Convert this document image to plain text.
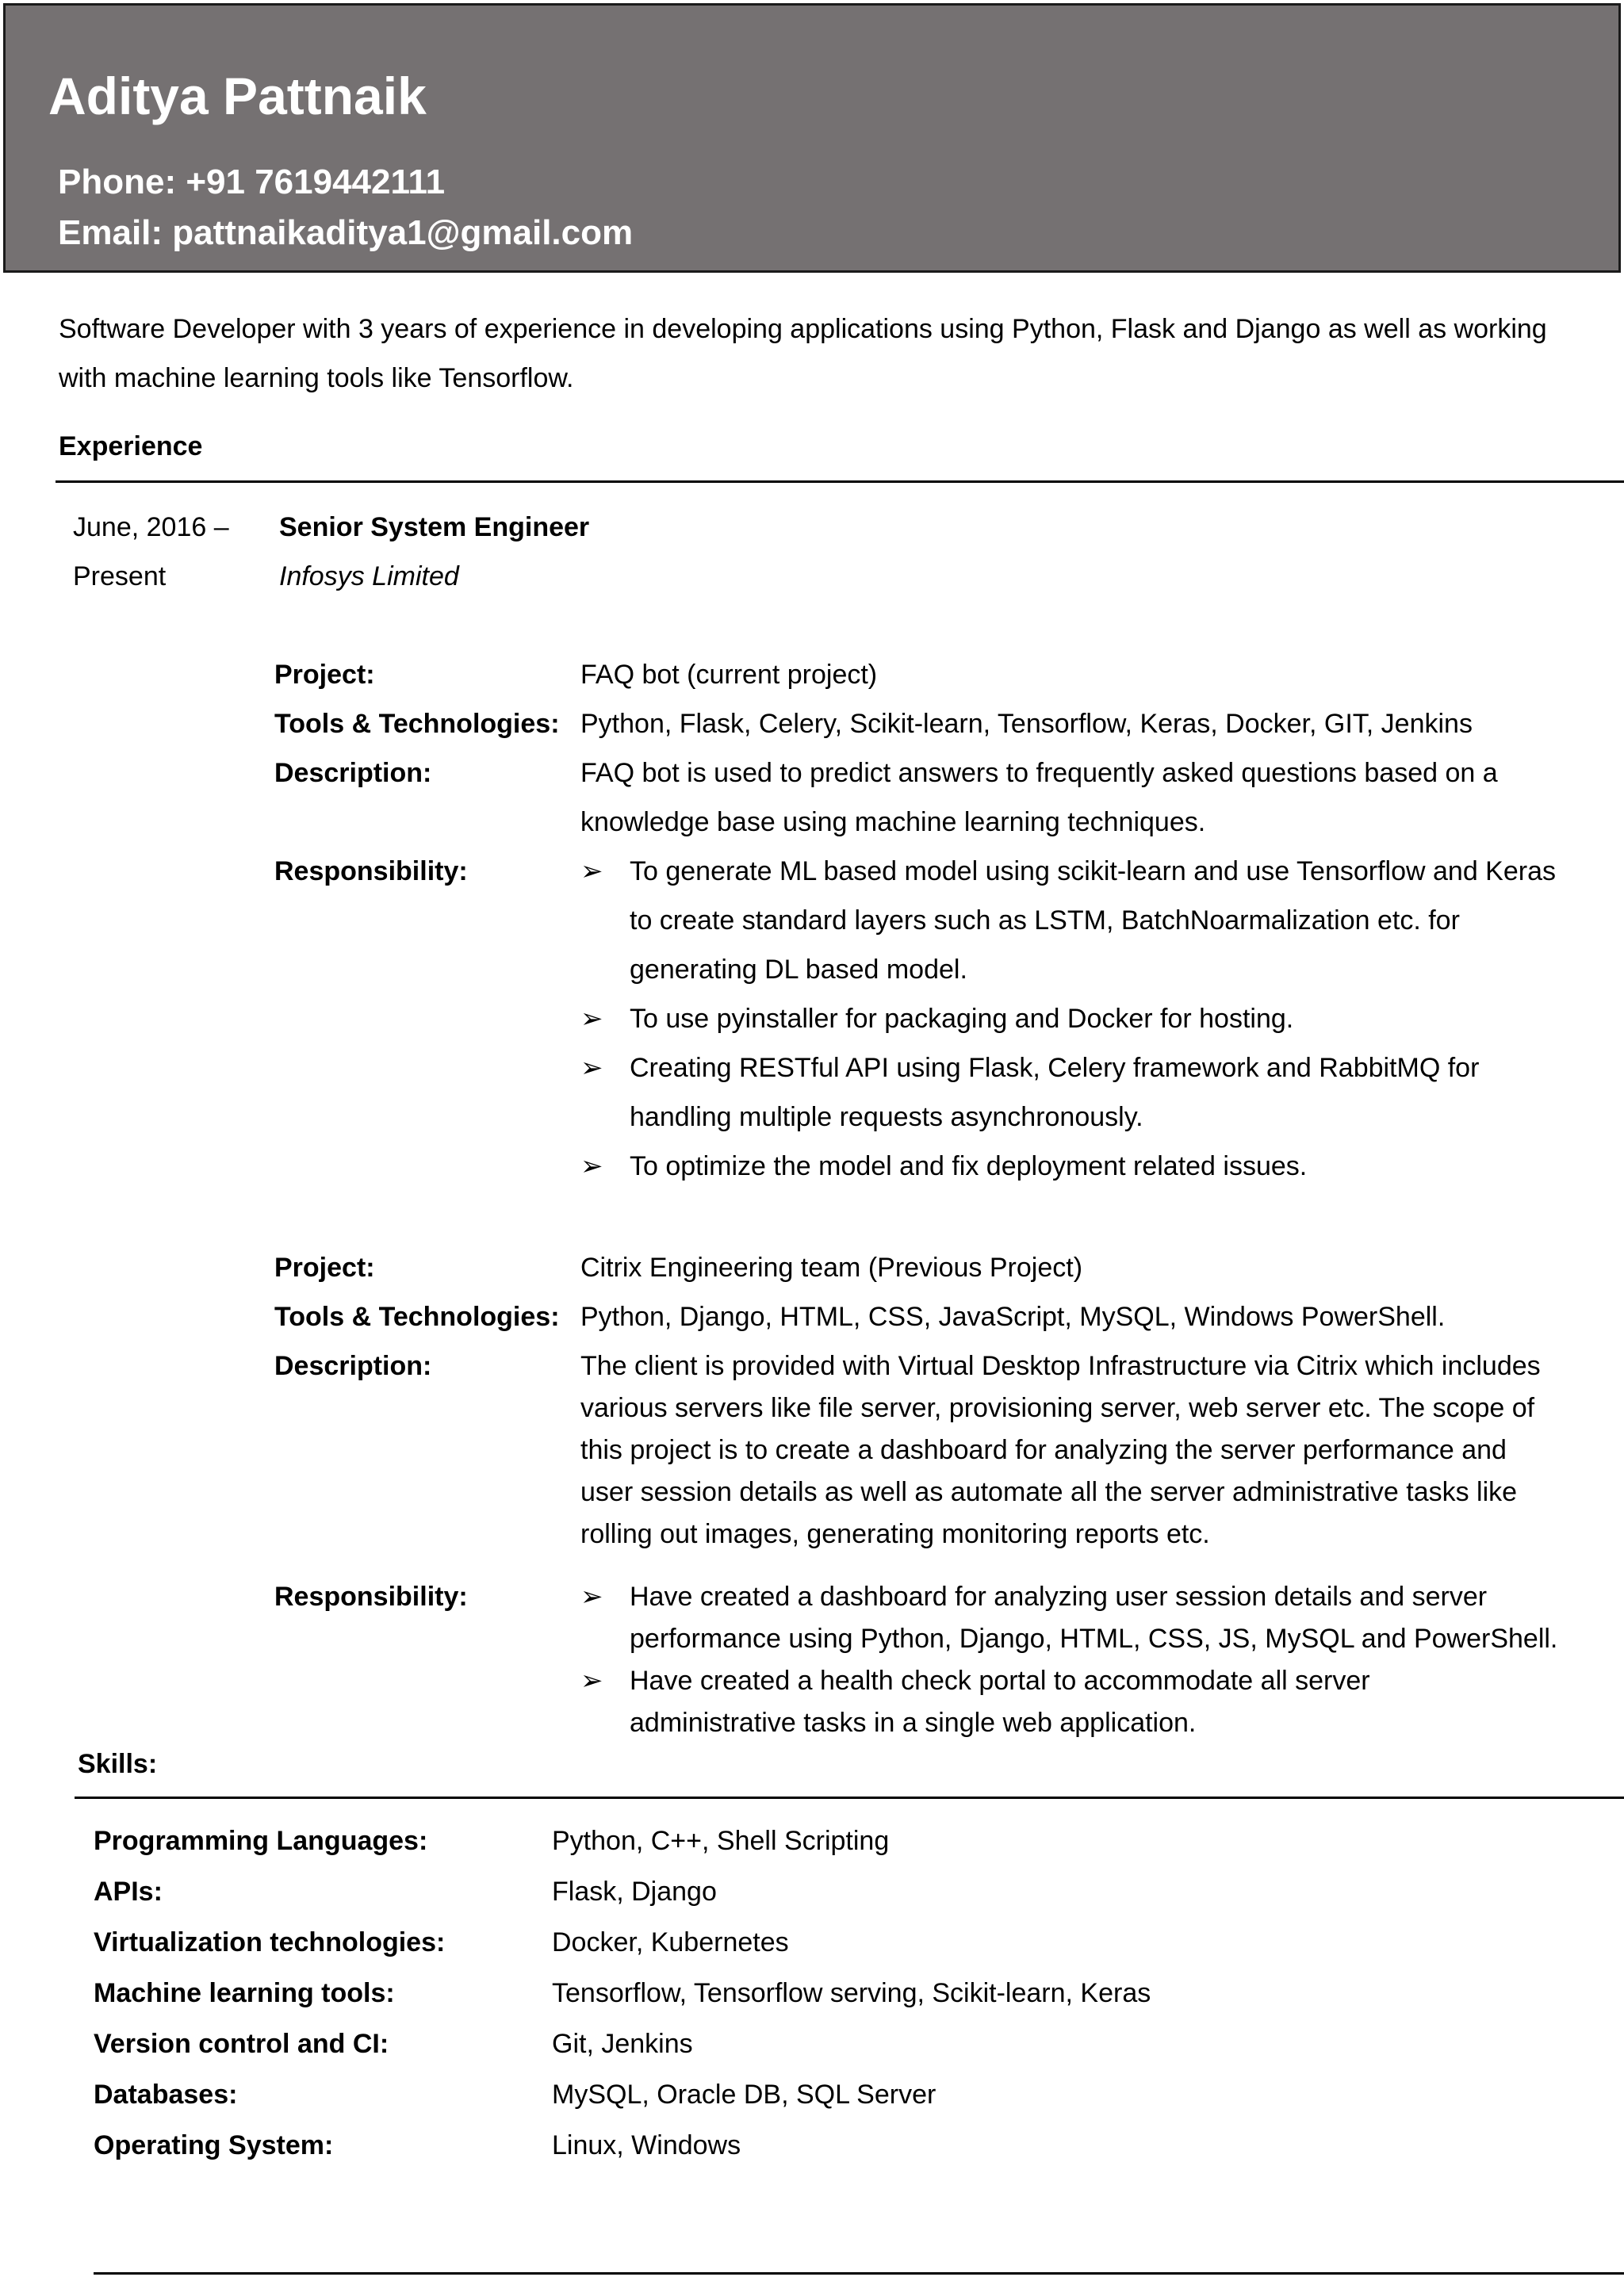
Aditya Pattnaik
Phone: +91 7619442111
Email: pattnaikaditya1@gmail.com
Software Developer with 3 years of experience in developing applications using Python, Flask and Django as well as working with machine learning tools like Tensorflow.
Experience
June, 2016 –
Present
Senior System Engineer
Infosys Limited
Project:	FAQ bot (current project)
Tools & Technologies: Python, Flask, Celery, Scikit-learn, Tensorflow, Keras, Docker, GIT, Jenkins
Description:	FAQ bot is used to predict answers to frequently asked questions based on a knowledge base using machine learning techniques.
Responsibility:	➢ To generate ML based model using scikit-learn and use Tensorflow and Keras to create standard layers such as LSTM, BatchNoarmalization etc. for generating DL based model.
➢ To use pyinstaller for packaging and Docker for hosting.
➢ Creating RESTful API using Flask, Celery framework and RabbitMQ for handling multiple requests asynchronously.
➢ To optimize the model and fix deployment related issues.
Project:	Citrix Engineering team (Previous Project)
Tools & Technologies: Python, Django, HTML, CSS, JavaScript, MySQL, Windows PowerShell.
Description:	The client is provided with Virtual Desktop Infrastructure via Citrix which includes various servers like file server, provisioning server, web server etc. The scope of this project is to create a dashboard for analyzing the server performance and user session details as well as automate all the server administrative tasks like rolling out images, generating monitoring reports etc.
Responsibility:	➢ Have created a dashboard for analyzing user session details and server performance using Python, Django, HTML, CSS, JS, MySQL and PowerShell.
➢ Have created a health check portal to accommodate all server administrative tasks in a single web application.
Skills:
Programming Languages:	Python, C++, Shell Scripting
APIs:	Flask, Django
Virtualization technologies:	Docker, Kubernetes
Machine learning tools:	Tensorflow, Tensorflow serving, Scikit-learn, Keras
Version control and CI:	Git, Jenkins
Databases:	MySQL, Oracle DB, SQL Server
Operating System:	Linux, Windows
